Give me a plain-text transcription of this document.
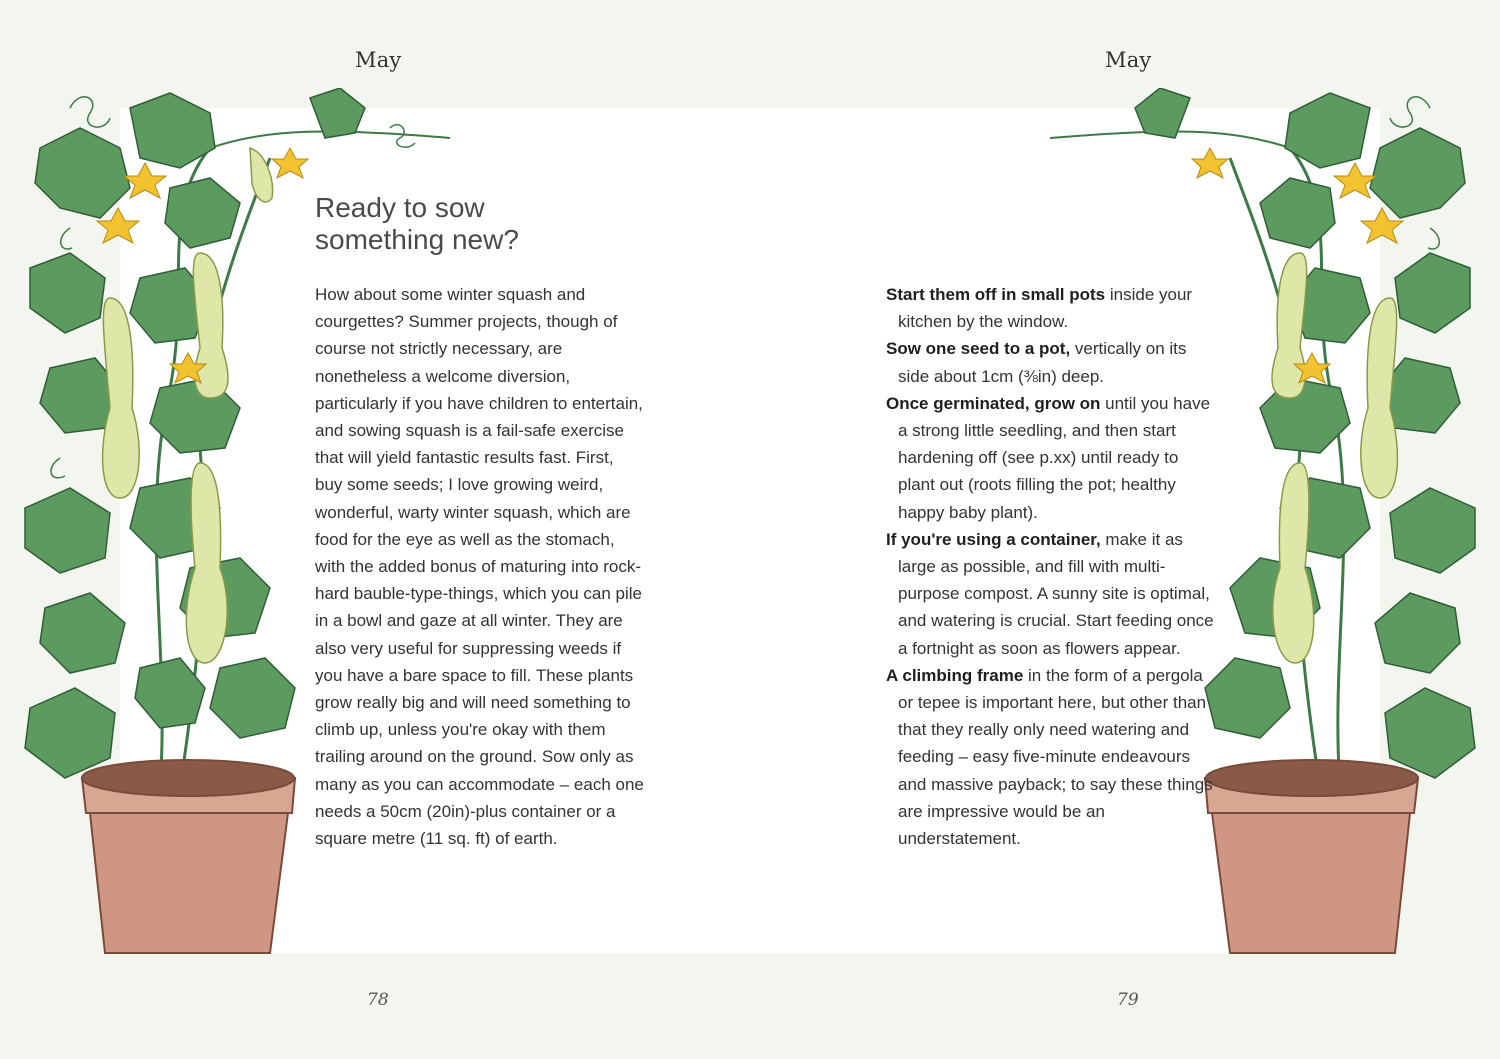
May
Ready to sow
something new?
How about some winter squash and courgettes? Summer projects, though of course not strictly necessary, are nonetheless a welcome diversion, particularly if you have children to entertain, and sowing squash is a fail-safe exercise that will yield fantastic results fast. First, buy some seeds; I love growing weird, wonderful, warty winter squash, which are food for the eye as well as the stomach, with the added bonus of maturing into rock-hard bauble-type-things, which you can pile in a bowl and gaze at all winter. They are also very useful for suppressing weeds if you have a bare space to fill. These plants grow really big and will need something to climb up, unless you're okay with them trailing around on the ground. Sow only as many as you can accommodate – each one needs a 50cm (20in)-plus container or a square metre (11 sq. ft) of earth.
78
May

Start them off in small pots inside your kitchen by the window.

Sow one seed to a pot, vertically on its side about 1cm (⅜in) deep.

Once germinated, grow on until you have a strong little seedling, and then start hardening off (see p.xx) until ready to plant out (roots filling the pot; healthy happy baby plant).

If you're using a container, make it as large as possible, and fill with multi-purpose compost. A sunny site is optimal, and watering is crucial. Start feeding once a fortnight as soon as flowers appear.

A climbing frame in the form of a pergola or tepee is important here, but other than that they really only need watering and feeding – easy five-minute endeavours and massive payback; to say these things are impressive would be an understatement.

79
